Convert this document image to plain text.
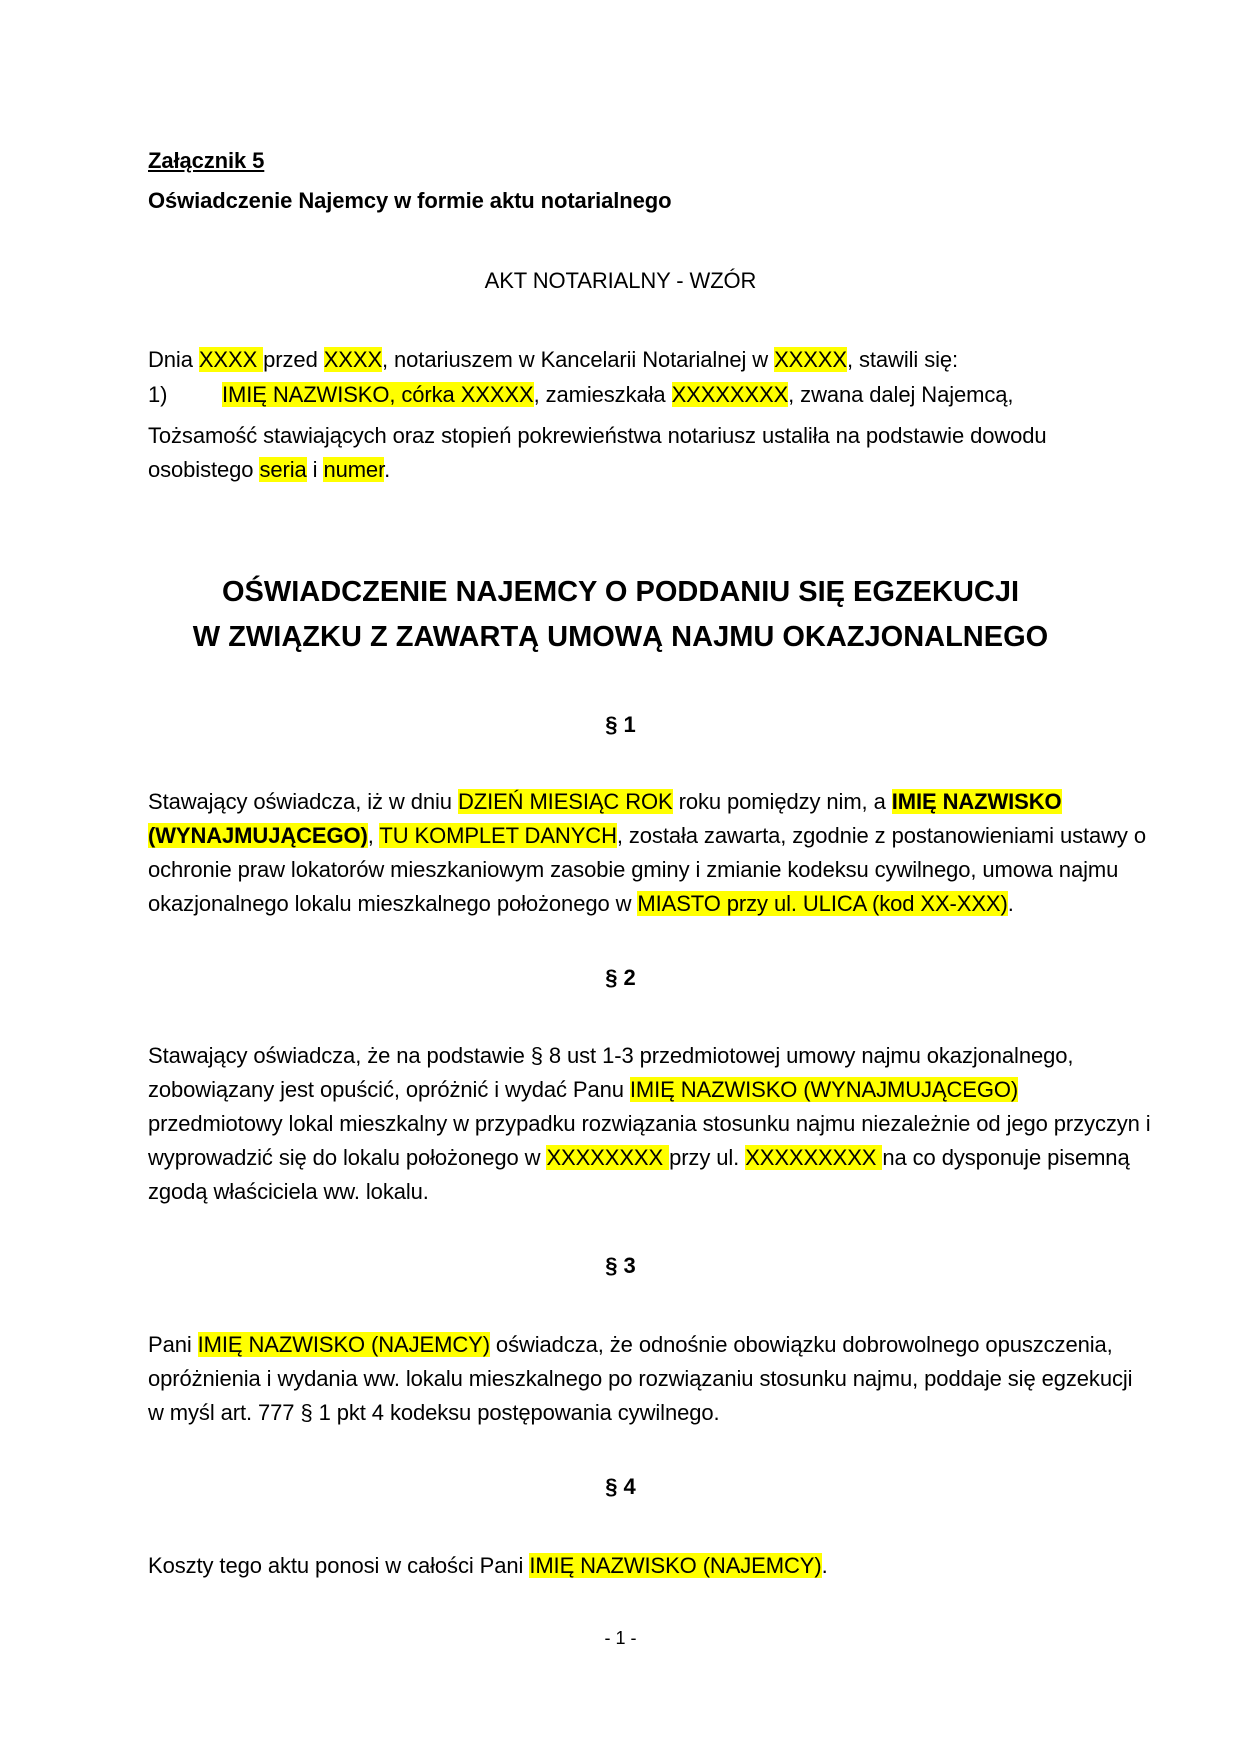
Załącznik 5
Oświadczenie Najemcy w formie aktu notarialnego
AKT NOTARIALNY - WZÓR
Dnia XXXX przed XXXX, notariuszem w Kancelarii Notarialnej w XXXXX, stawili się:
1) IMIĘ NAZWISKO, córka XXXXX, zamieszkała XXXXXXXX, zwana dalej Najemcą,
Tożsamość stawiających oraz stopień pokrewieństwa notariusz ustaliła na podstawie dowodu
osobistego seria i numer.
OŚWIADCZENIE NAJEMCY O PODDANIU SIĘ EGZEKUCJI
W ZWIĄZKU Z ZAWARTĄ UMOWĄ NAJMU OKAZJONALNEGO
§ 1
Stawający oświadcza, iż w dniu DZIEŃ MIESIĄC ROK roku pomiędzy nim, a IMIĘ NAZWISKO
(WYNAJMUJĄCEGO), TU KOMPLET DANYCH, została zawarta, zgodnie z postanowieniami ustawy o
ochronie praw lokatorów mieszkaniowym zasobie gminy i zmianie kodeksu cywilnego, umowa najmu
okazjonalnego lokalu mieszkalnego położonego w MIASTO przy ul. ULICA (kod XX-XXX).
§ 2
Stawający oświadcza, że na podstawie § 8 ust 1-3 przedmiotowej umowy najmu okazjonalnego,
zobowiązany jest opuścić, opróżnić i wydać Panu IMIĘ NAZWISKO (WYNAJMUJĄCEGO)
przedmiotowy lokal mieszkalny w przypadku rozwiązania stosunku najmu niezależnie od jego przyczyn i
wyprowadzić się do lokalu położonego w XXXXXXXX przy ul. XXXXXXXXX na co dysponuje pisemną
zgodą właściciela ww. lokalu.
§ 3
Pani IMIĘ NAZWISKO (NAJEMCY) oświadcza, że odnośnie obowiązku dobrowolnego opuszczenia,
opróżnienia i wydania ww. lokalu mieszkalnego po rozwiązaniu stosunku najmu, poddaje się egzekucji
w myśl art. 777 § 1 pkt 4 kodeksu postępowania cywilnego.
§ 4
Koszty tego aktu ponosi w całości Pani IMIĘ NAZWISKO (NAJEMCY).
- 1 -
